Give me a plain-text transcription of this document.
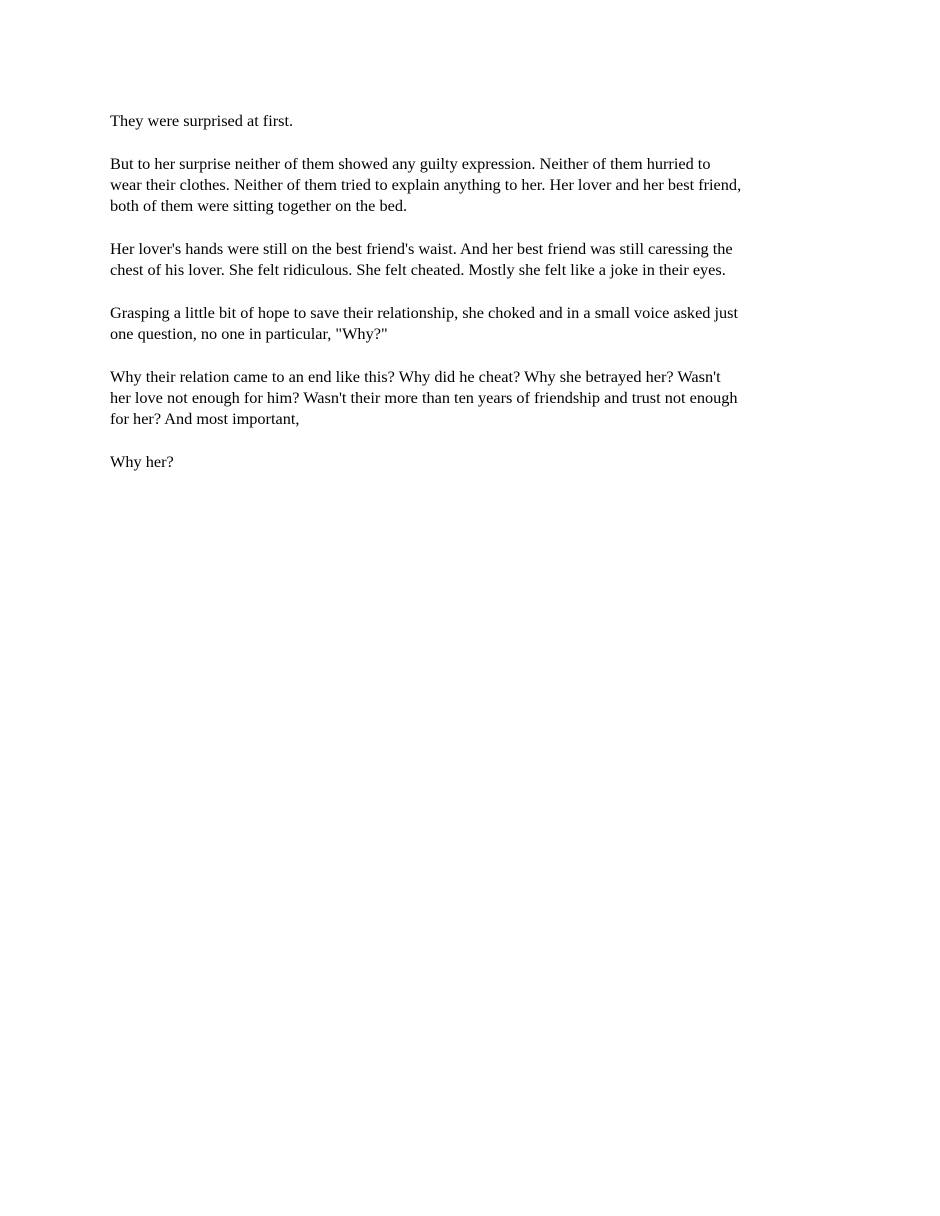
They were surprised at first.

But to her surprise neither of them showed any guilty expression. Neither of them hurried to
wear their clothes. Neither of them tried to explain anything to her. Her lover and her best friend,
both of them were sitting together on the bed.

Her lover's hands were still on the best friend's waist. And her best friend was still caressing the
chest of his lover. She felt ridiculous. She felt cheated. Mostly she felt like a joke in their eyes.

Grasping a little bit of hope to save their relationship, she choked and in a small voice asked just
one question, no one in particular, "Why?"

Why their relation came to an end like this? Why did he cheat? Why she betrayed her? Wasn't
her love not enough for him? Wasn't their more than ten years of friendship and trust not enough
for her? And most important,

Why her?
